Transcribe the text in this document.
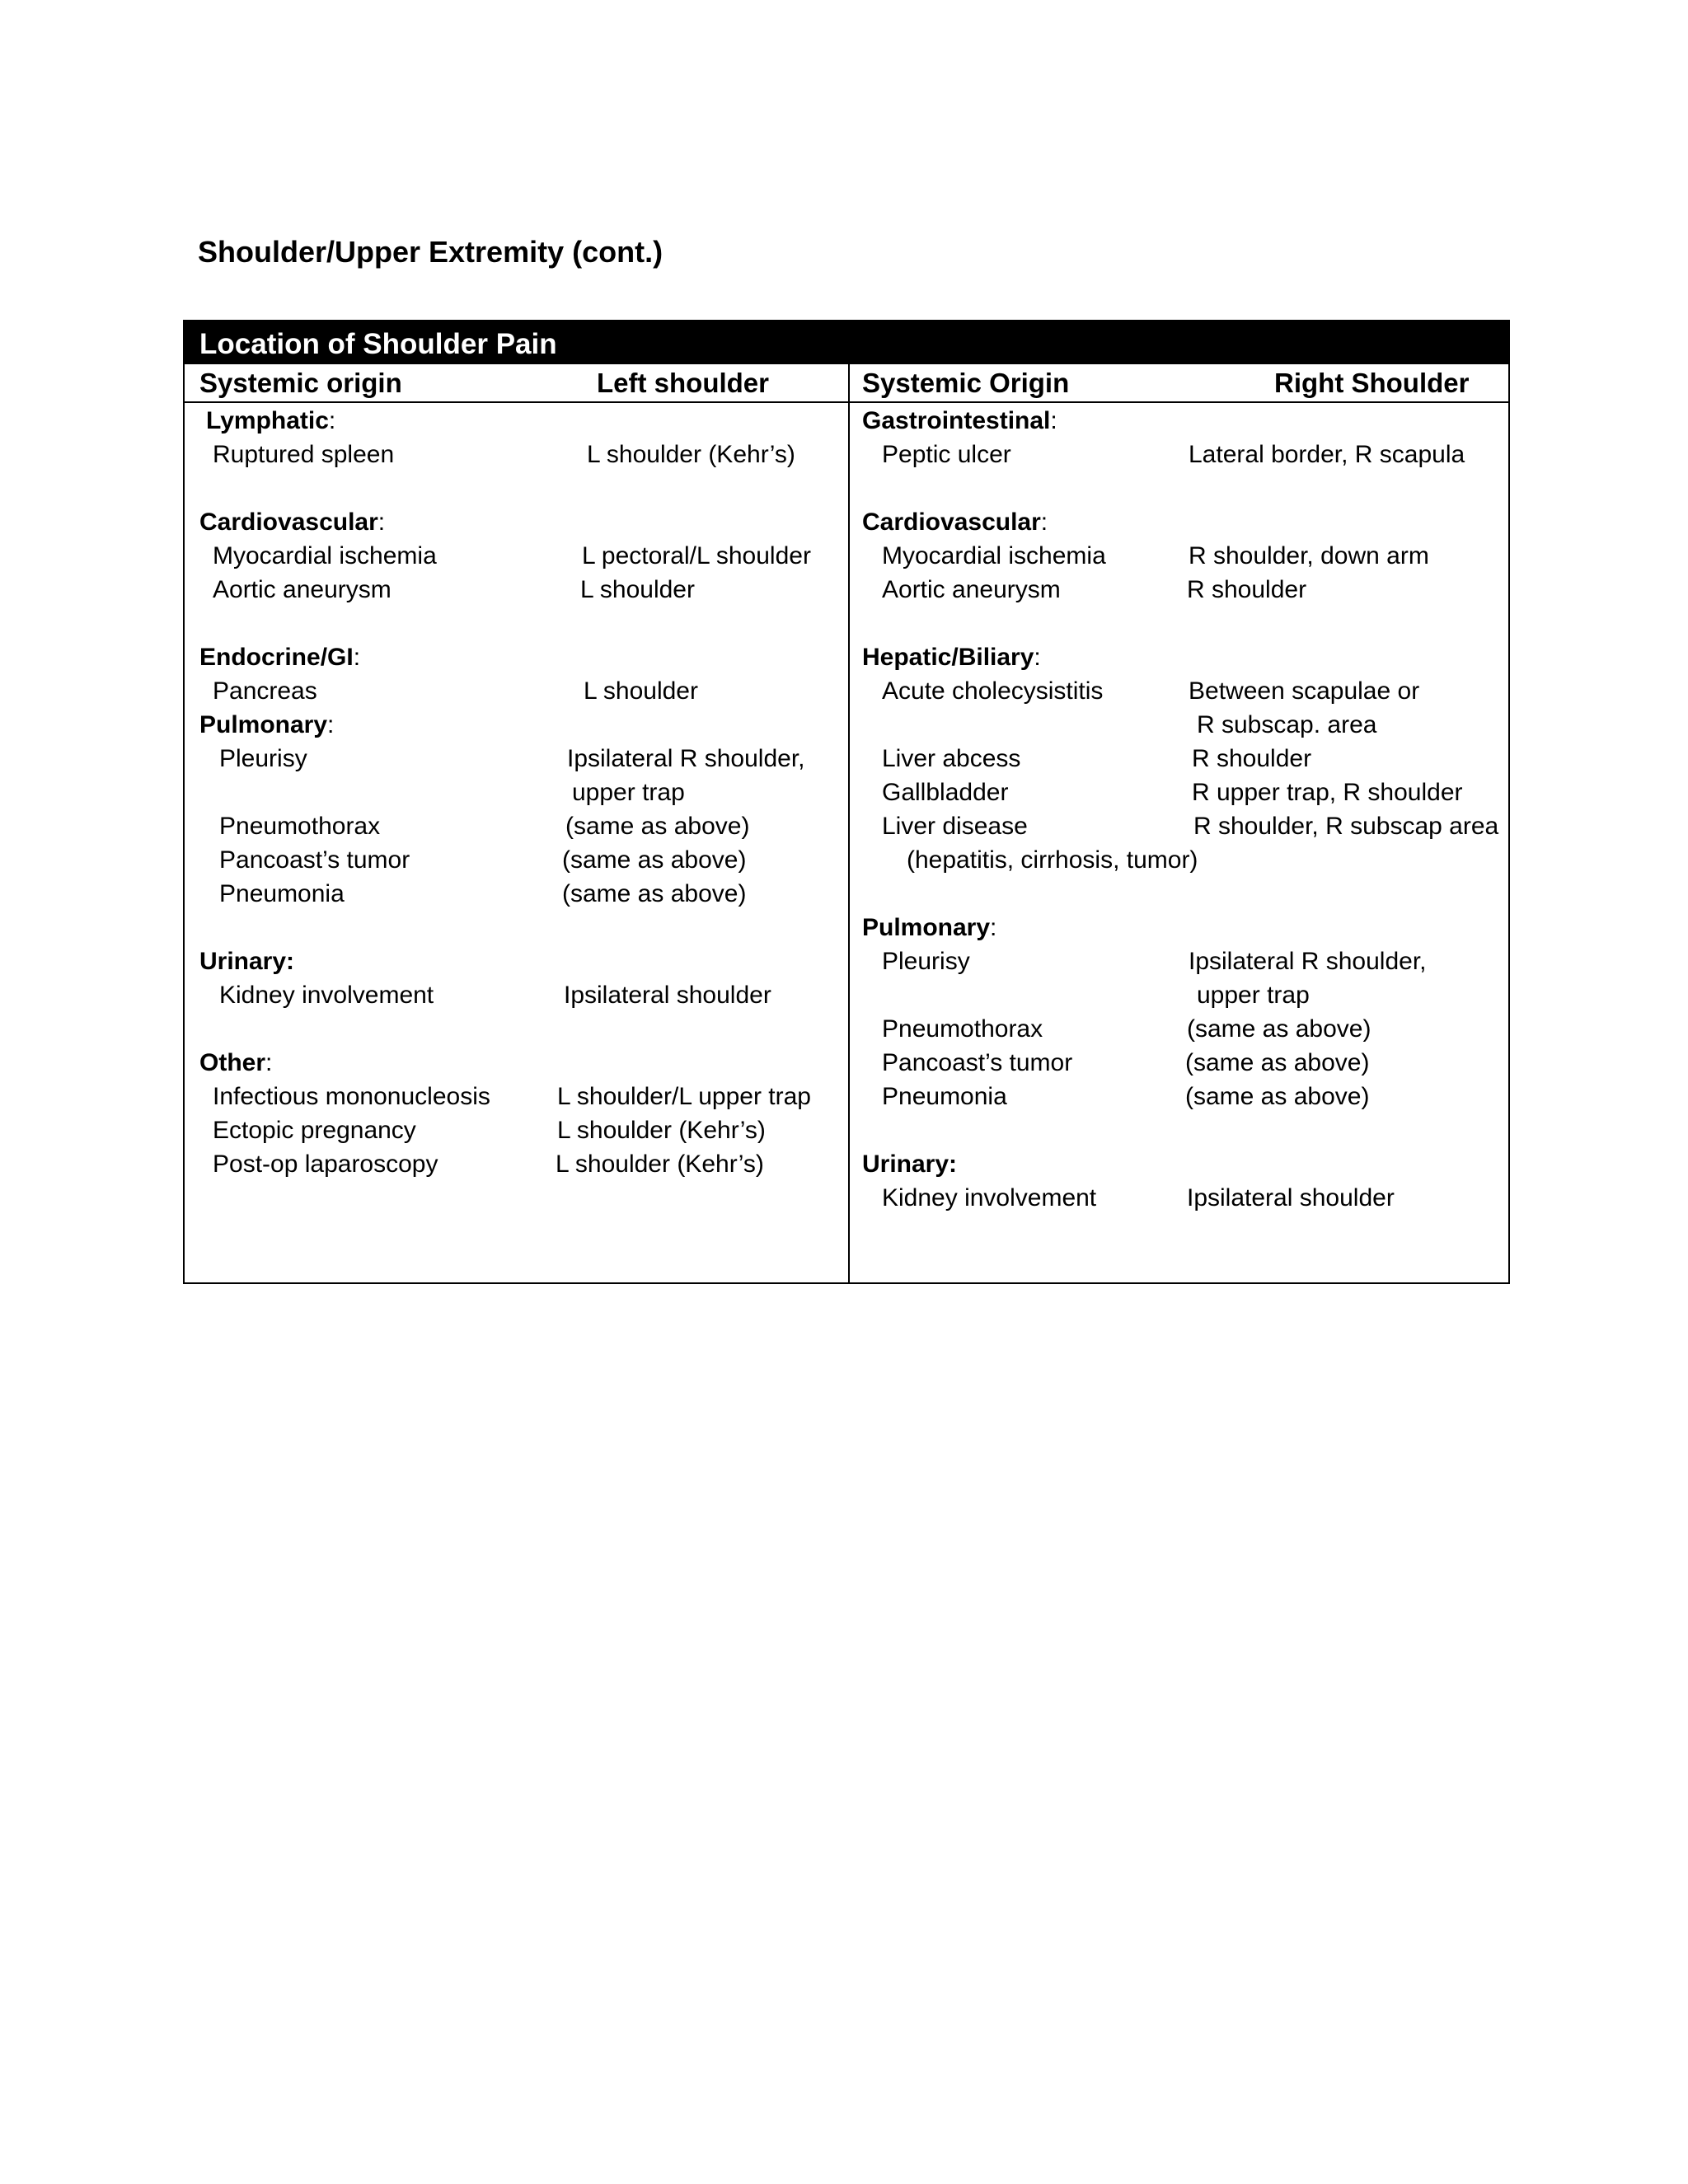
Shoulder/Upper Extremity (cont.)
Location of Shoulder Pain
Systemic origin	Left shoulder	Systemic Origin	Right Shoulder
Lymphatic:
Ruptured spleen	L shoulder (Kehr’s)
Cardiovascular:
Myocardial ischemia	L pectoral/L shoulder
Aortic aneurysm	L shoulder
Endocrine/GI:
Pancreas	L shoulder
Pulmonary:
Pleurisy	Ipsilateral R shoulder,
upper trap
Pneumothorax	(same as above)
Pancoast’s tumor	(same as above)
Pneumonia	(same as above)
Urinary:
Kidney involvement	Ipsilateral shoulder
Other:
Infectious mononucleosis	L shoulder/L upper trap
Ectopic pregnancy	L shoulder (Kehr’s)
Post-op laparoscopy	L shoulder (Kehr’s)
Gastrointestinal:
Peptic ulcer	Lateral border, R scapula
Cardiovascular:
Myocardial ischemia	R shoulder, down arm
Aortic aneurysm	R shoulder
Hepatic/Biliary:
Acute cholecysistitis	Between scapulae or
R subscap. area
Liver abcess	R shoulder
Gallbladder	R upper trap, R shoulder
Liver disease	R shoulder, R subscap area
(hepatitis, cirrhosis, tumor)
Pulmonary:
Pleurisy	Ipsilateral R shoulder,
upper trap
Pneumothorax	(same as above)
Pancoast’s tumor	(same as above)
Pneumonia	(same as above)
Urinary:
Kidney involvement	Ipsilateral shoulder
